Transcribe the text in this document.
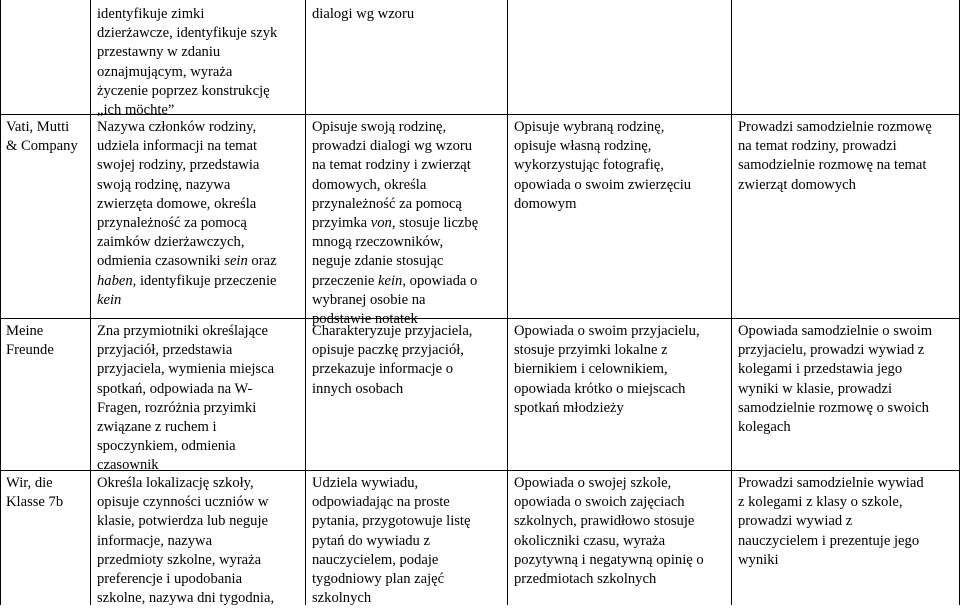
identyfikuje zimki
dzierżawcze, identyfikuje szyk
przestawny w zdaniu
oznajmującym, wyraża
życzenie poprzez konstrukcję
„ich möchte”
dialogi wg wzoru
Vati, Mutti
& Company
Nazywa członków rodziny,
udziela informacji na temat
swojej rodziny, przedstawia
swoją rodzinę, nazywa
zwierzęta domowe, określa
przynależność za pomocą
zaimków dzierżawczych,
odmienia czasowniki sein oraz
haben, identyfikuje przeczenie
kein
Opisuje swoją rodzinę,
prowadzi dialogi wg wzoru
na temat rodziny i zwierząt
domowych, określa
przynależność za pomocą
przyimka von, stosuje liczbę
mnogą rzeczowników,
neguje zdanie stosując
przeczenie kein, opowiada o
wybranej osobie na
podstawie notatek
Opisuje wybraną rodzinę,
opisuje własną rodzinę,
wykorzystując fotografię,
opowiada o swoim zwierzęciu
domowym
Prowadzi samodzielnie rozmowę
na temat rodziny, prowadzi
samodzielnie rozmowę na temat
zwierząt domowych
Meine
Freunde
Zna przymiotniki określające
przyjaciół, przedstawia
przyjaciela, wymienia miejsca
spotkań, odpowiada na W-
Fragen, rozróżnia przyimki
związane z ruchem i
spoczynkiem, odmienia
czasownik
Charakteryzuje przyjaciela,
opisuje paczkę przyjaciół,
przekazuje informacje o
innych osobach
Opowiada o swoim przyjacielu,
stosuje przyimki lokalne z
biernikiem i celownikiem,
opowiada krótko o miejscach
spotkań młodzieży
Opowiada samodzielnie o swoim
przyjacielu, prowadzi wywiad z
kolegami i przedstawia jego
wyniki w klasie, prowadzi
samodzielnie rozmowę o swoich
kolegach
Wir, die
Klasse 7b
Określa lokalizację szkoły,
opisuje czynności uczniów w
klasie, potwierdza lub neguje
informacje, nazywa
przedmioty szkolne, wyraża
preferencje i upodobania
szkolne, nazywa dni tygodnia,
Udziela wywiadu,
odpowiadając na proste
pytania, przygotowuje listę
pytań do wywiadu z
nauczycielem, podaje
tygodniowy plan zajęć
szkolnych
Opowiada o swojej szkole,
opowiada o swoich zajęciach
szkolnych, prawidłowo stosuje
okoliczniki czasu, wyraża
pozytywną i negatywną opinię o
przedmiotach szkolnych
Prowadzi samodzielnie wywiad
z kolegami z klasy o szkole,
prowadzi wywiad z
nauczycielem i prezentuje jego
wyniki
